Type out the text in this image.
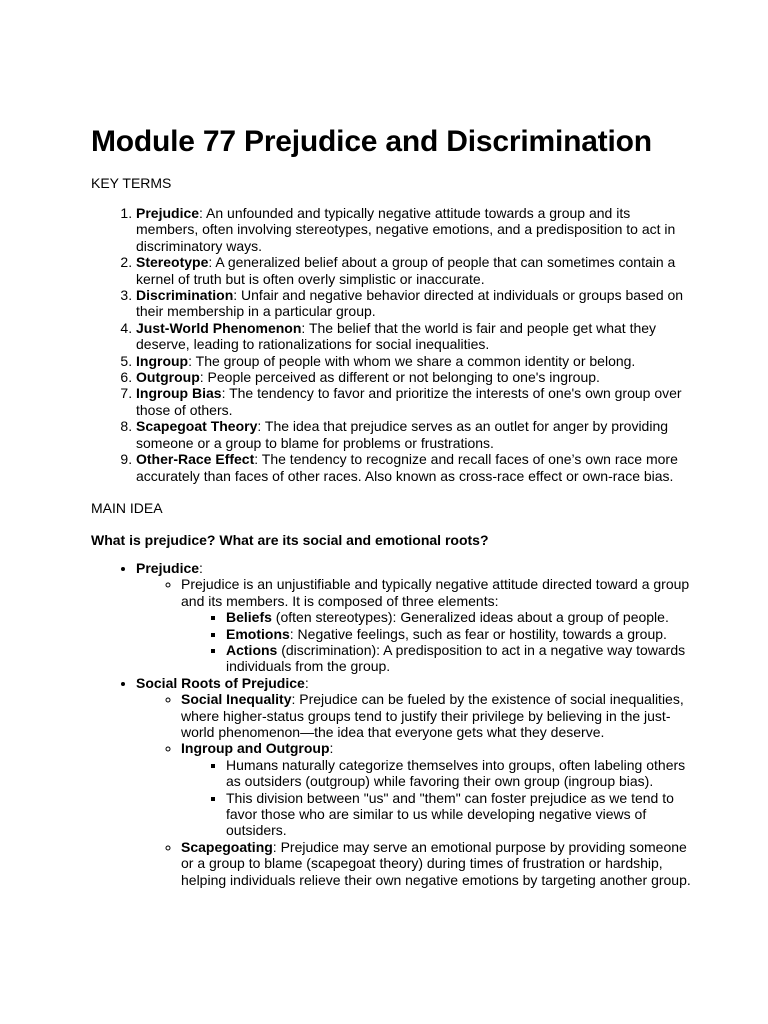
Module 77 Prejudice and Discrimination
KEY TERMS
1. Prejudice: An unfounded and typically negative attitude towards a group and its members, often involving stereotypes, negative emotions, and a predisposition to act in discriminatory ways.
2. Stereotype: A generalized belief about a group of people that can sometimes contain a kernel of truth but is often overly simplistic or inaccurate.
3. Discrimination: Unfair and negative behavior directed at individuals or groups based on their membership in a particular group.
4. Just-World Phenomenon: The belief that the world is fair and people get what they deserve, leading to rationalizations for social inequalities.
5. Ingroup: The group of people with whom we share a common identity or belong.
6. Outgroup: People perceived as different or not belonging to one's ingroup.
7. Ingroup Bias: The tendency to favor and prioritize the interests of one's own group over those of others.
8. Scapegoat Theory: The idea that prejudice serves as an outlet for anger by providing someone or a group to blame for problems or frustrations.
9. Other-Race Effect: The tendency to recognize and recall faces of one’s own race more accurately than faces of other races. Also known as cross-race effect or own-race bias.
MAIN IDEA
What is prejudice? What are its social and emotional roots?
• Prejudice:
◦ Prejudice is an unjustifiable and typically negative attitude directed toward a group and its members. It is composed of three elements:
▪ Beliefs (often stereotypes): Generalized ideas about a group of people.
▪ Emotions: Negative feelings, such as fear or hostility, towards a group.
▪ Actions (discrimination): A predisposition to act in a negative way towards individuals from the group.
• Social Roots of Prejudice:
◦ Social Inequality: Prejudice can be fueled by the existence of social inequalities, where higher-status groups tend to justify their privilege by believing in the just-world phenomenon—the idea that everyone gets what they deserve.
◦ Ingroup and Outgroup:
▪ Humans naturally categorize themselves into groups, often labeling others as outsiders (outgroup) while favoring their own group (ingroup bias).
▪ This division between "us" and "them" can foster prejudice as we tend to favor those who are similar to us while developing negative views of outsiders.
◦ Scapegoating: Prejudice may serve an emotional purpose by providing someone or a group to blame (scapegoat theory) during times of frustration or hardship, helping individuals relieve their own negative emotions by targeting another group.
